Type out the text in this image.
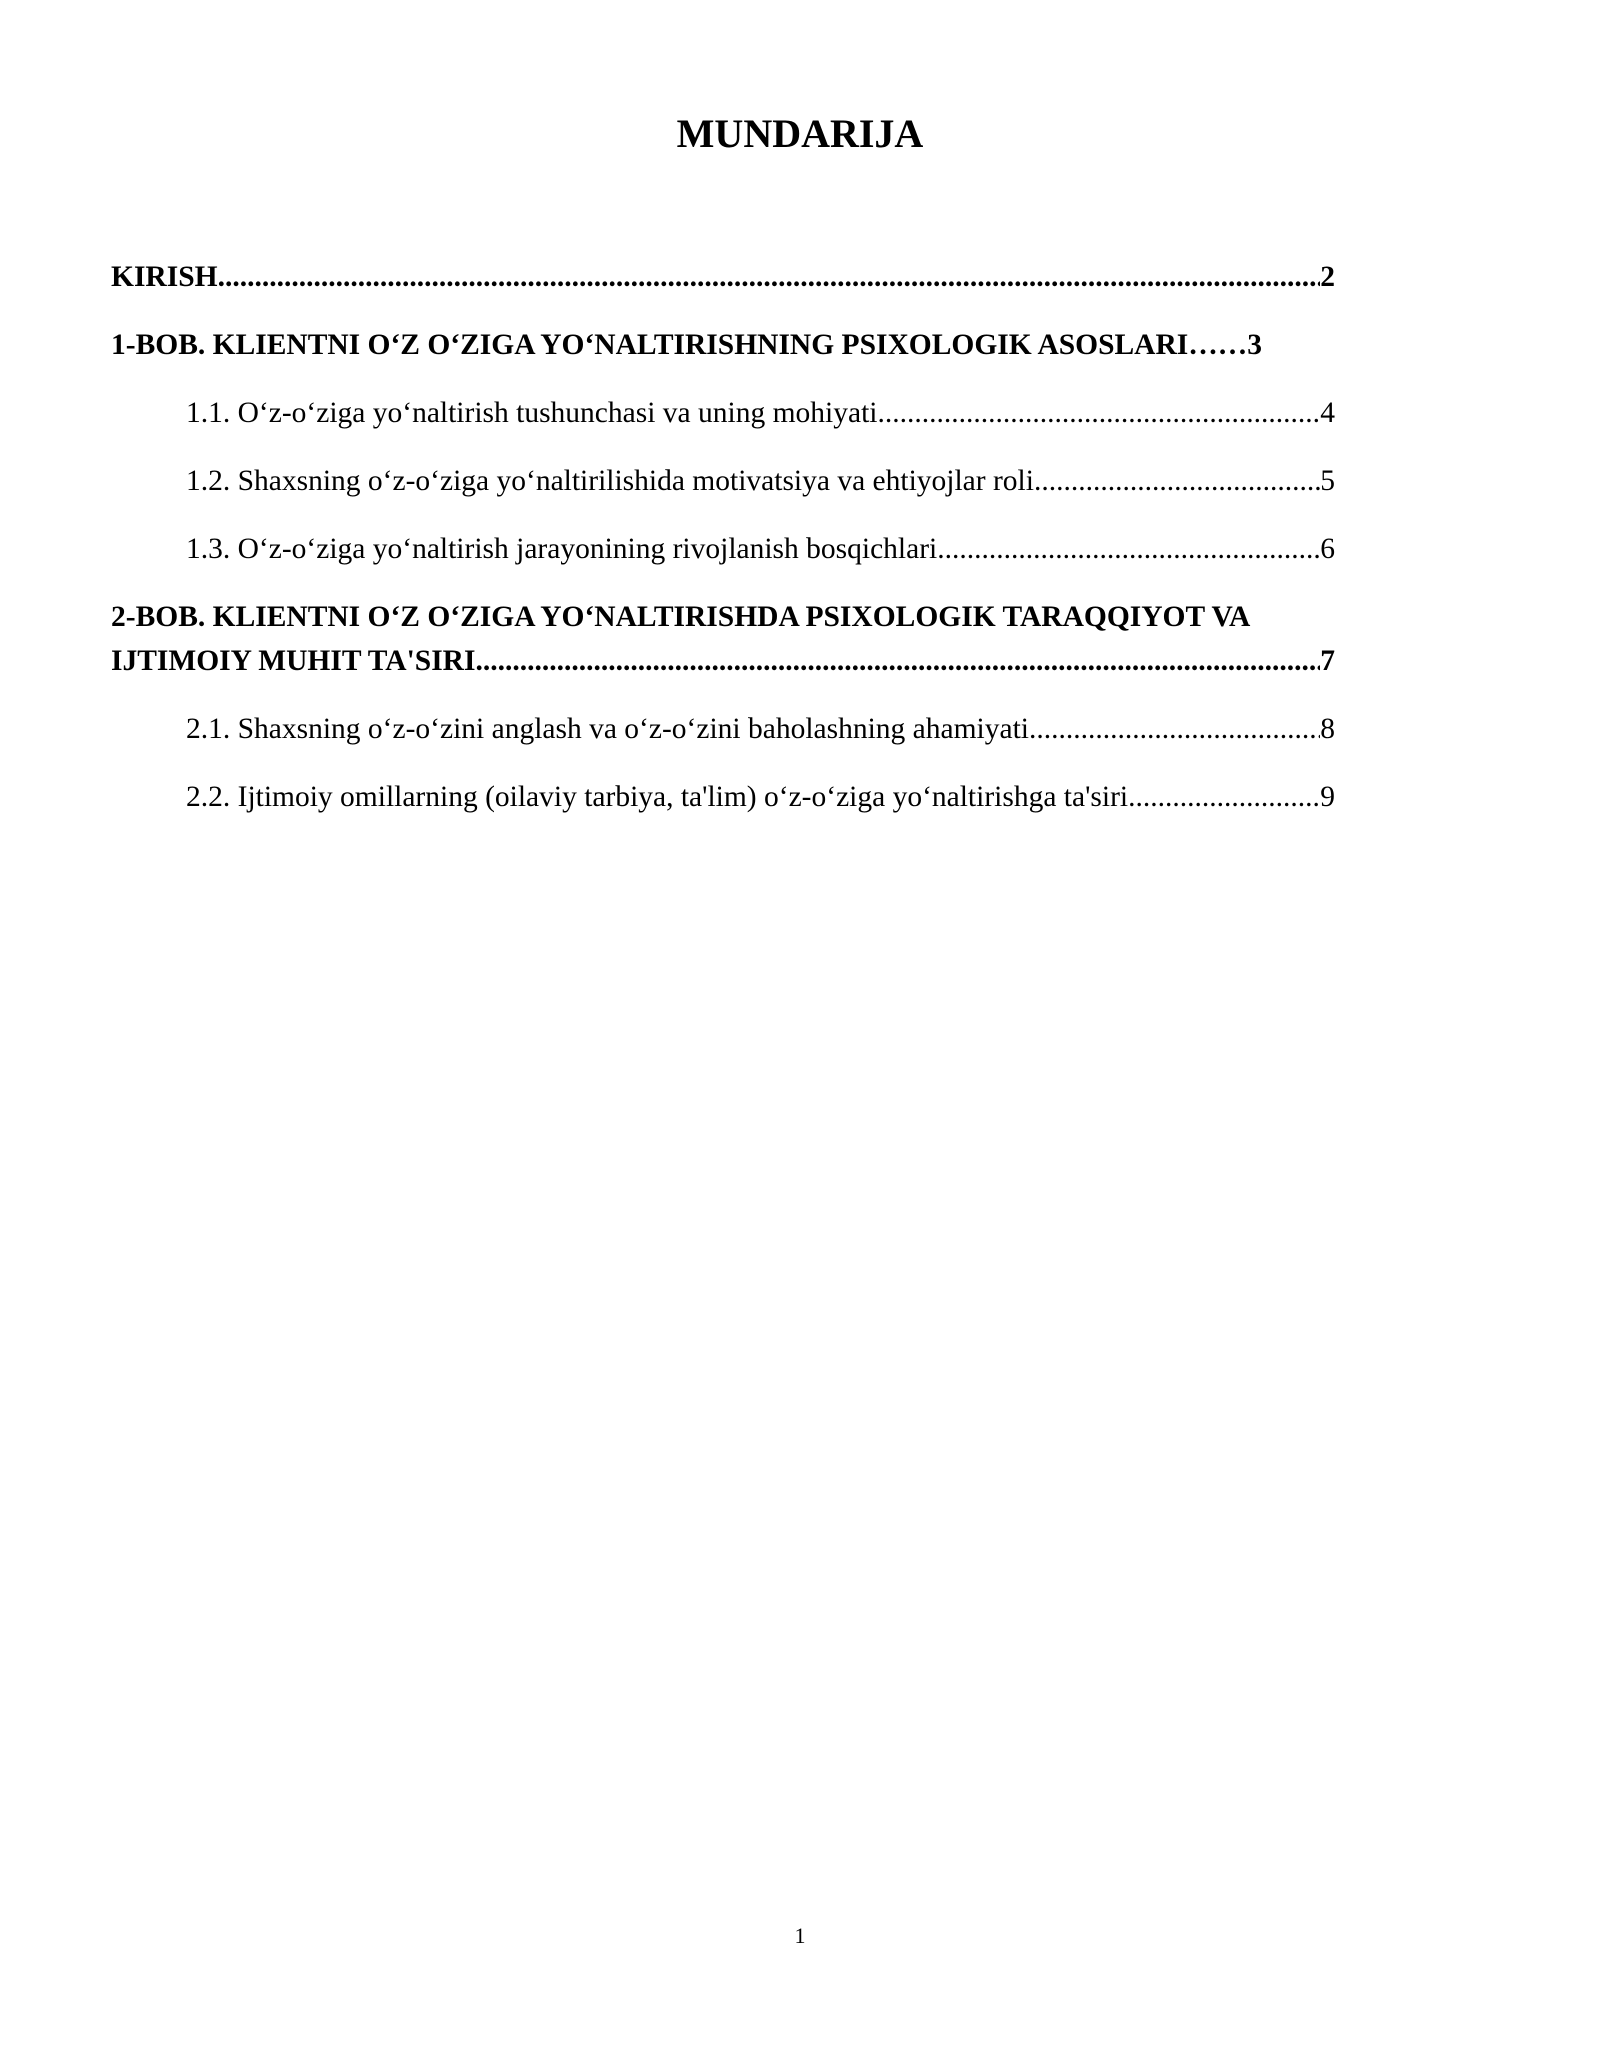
MUNDARIJA
KIRISH .....	2
1-BOB. KLIENTNI O‘Z O‘ZIGA YO‘NALTIRISHNING PSIXOLOGIK ASOSLARI …… 3
1.1. O‘z-o‘ziga yo‘naltirish tushunchasi va uning mohiyati .....	4
1.2. Shaxsning o‘z-o‘ziga yo‘naltirilishida motivatsiya va ehtiyojlar roli .....	5
1.3. O‘z-o‘ziga yo‘naltirish jarayonining rivojlanish bosqichlari .....	6
2-BOB. KLIENTNI O‘Z O‘ZIGA YO‘NALTIRISHDA PSIXOLOGIK TARAQQIYOT VA
IJTIMOIY MUHIT TA'SIRI .....	7
2.1. Shaxsning o‘z-o‘zini anglash va o‘z-o‘zini baholashning ahamiyati .....	8
2.2. Ijtimoiy omillarning (oilaviy tarbiya, ta'lim) o‘z-o‘ziga yo‘naltirishga ta'siri .....	9
1
